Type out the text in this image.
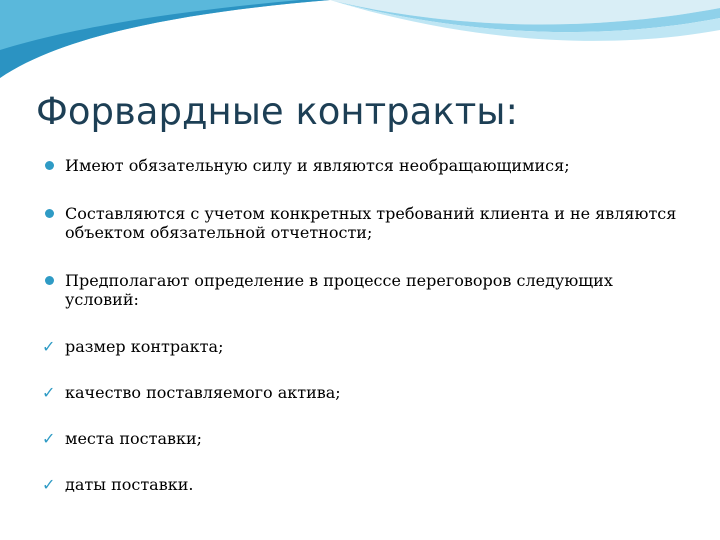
Форвардные контракты:

Имеют обязательную силу и являются необращающимися;

Составляются с учетом конкретных требований клиента и не являются объектом обязательной отчетности;

Предполагают определение в процессе переговоров следующих условий:

✓ размер контракта;

✓ качество поставляемого актива;

✓ места поставки;

✓ даты поставки.
